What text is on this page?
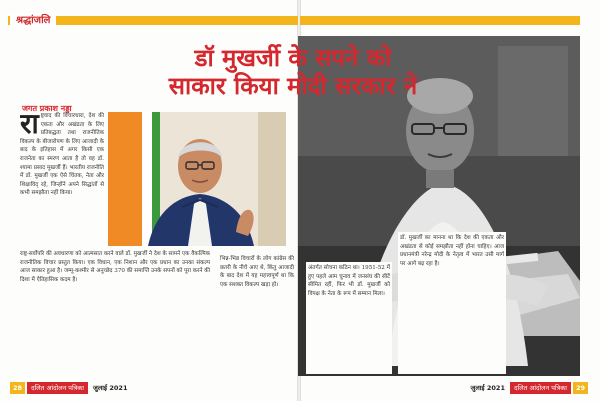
श्रद्धांजलि
डॉ मुखर्जी के सपने को
साकार किया मोदी सरकार ने
जगत प्रकाश नड्डा
रा ष्ट्रवाद की विचारधारा, देश की एकता और अखंडता के लिए प्रतिबद्धता तथा राजनीतिक विकल्प के बीजारोपण के लिए आजादी के बाद के इतिहास में अगर किसी एक राजनेता का स्मरण आता है तो वह डॉ. श्यामा प्रसाद मुखर्जी हैं। भारतीय राजनीति में डॉ. मुखर्जी एक ऐसे चिंतक, नेता और शिक्षाविद् रहे, जिन्होंने अपने सिद्धांतों से कभी समझौता नहीं किया।
राष्ट्र-सर्वोपरि की अवधारणा को आत्मसात करने वाले डॉ. मुखर्जी ने देश के सामने एक वैकल्पिक राजनीतिक विचार प्रस्तुत किया। एक विधान, एक निशान और एक प्रधान का उनका संकल्प आज साकार हुआ है। जम्मू-कश्मीर से अनुच्छेद 370 की समाप्ति उनके सपनों को पूरा करने की दिशा में ऐतिहासिक कदम है।
भिन्न-भिन्न विचारों के लोग कांग्रेस की छतरी के नीचे आए थे, किंतु आजादी के बाद देश में यह महत्त्वपूर्ण था कि एक सशक्त विकल्प खड़ा हो।
अंतर्गत सोचना कठिन था। 1951-52 में हुए पहले आम चुनाव में जनसंघ की सीटें सीमित रहीं, फिर भी डॉ. मुखर्जी को विपक्ष के नेता के रूप में सम्मान मिला।
डॉ. मुखर्जी का मानना था कि देश की एकता और अखंडता से कोई समझौता नहीं होना चाहिए। आज प्रधानमंत्री नरेन्द्र मोदी के नेतृत्व में भारत उसी मार्ग पर आगे बढ़ रहा है।
28 दलित आंदोलन पत्रिका जुलाई 2021	जुलाई 2021 दलित आंदोलन पत्रिका 29
